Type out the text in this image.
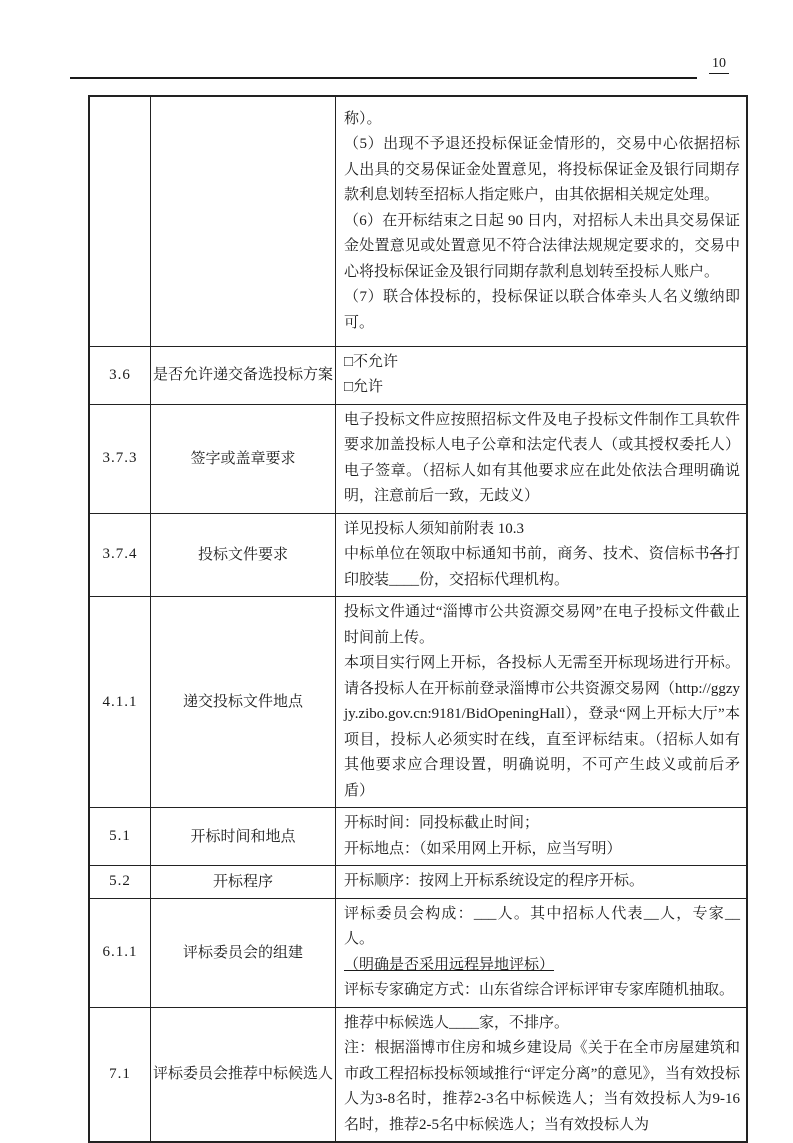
10

		称）。

（5）出现不予退还投标保证金情形的，交易中心依据招标人出具的交易保证金处置意见，将投标保证金及银行同期存款利息划转至招标人指定账户，由其依据相关规定处理。

（6）在开标结束之日起 90 日内，对招标人未出具交易保证金处置意见或处置意见不符合法律法规规定要求的，交易中心将投标保证金及银行同期存款利息划转至投标人账户。

（7）联合体投标的，投标保证以联合体牵头人名义缴纳即可。

3.6	是否允许递交备选投标方案	□不允许

□允许

3.7.3	签字或盖章要求	电子投标文件应按照招标文件及电子投标文件制作工具软件要求加盖投标人电子公章和法定代表人（或其授权委托人）电子签章。（招标人如有其他要求应在此处依法合理明确说明，注意前后一致，无歧义）

3.7.4	投标文件要求	详见投标人须知前附表 10.3

中标单位在领取中标通知书前，商务、技术、资信标书各打印胶装____份，交招标代理机构。

4.1.1	递交投标文件地点	投标文件通过“淄博市公共资源交易网”在电子投标文件截止时间前上传。

本项目实行网上开标，各投标人无需至开标现场进行开标。请各投标人在开标前登录淄博市公共资源交易网（http://ggzyjy.zibo.gov.cn:9181/BidOpeningHall），登录“网上开标大厅”本项目，投标人必须实时在线，直至评标结束。（招标人如有其他要求应合理设置，明确说明，不可产生歧义或前后矛盾）

5.1	开标时间和地点	开标时间：同投标截止时间；

开标地点：（如采用网上开标，应当写明）

5.2	开标程序	开标顺序：按网上开标系统设定的程序开标。

6.1.1	评标委员会的组建	评标委员会构成：___人。其中招标人代表__人，专家__人。

（明确是否采用远程异地评标）

评标专家确定方式：山东省综合评标评审专家库随机抽取。

7.1	评标委员会推荐中标候选人	推荐中标候选人____家，不排序。

注：根据淄博市住房和城乡建设局《关于在全市房屋建筑和市政工程招标投标领域推行“评定分离”的意见》，当有效投标人为3-8名时，推荐2-3名中标候选人；当有效投标人为9-16名时，推荐2-5名中标候选人；当有效投标人为
